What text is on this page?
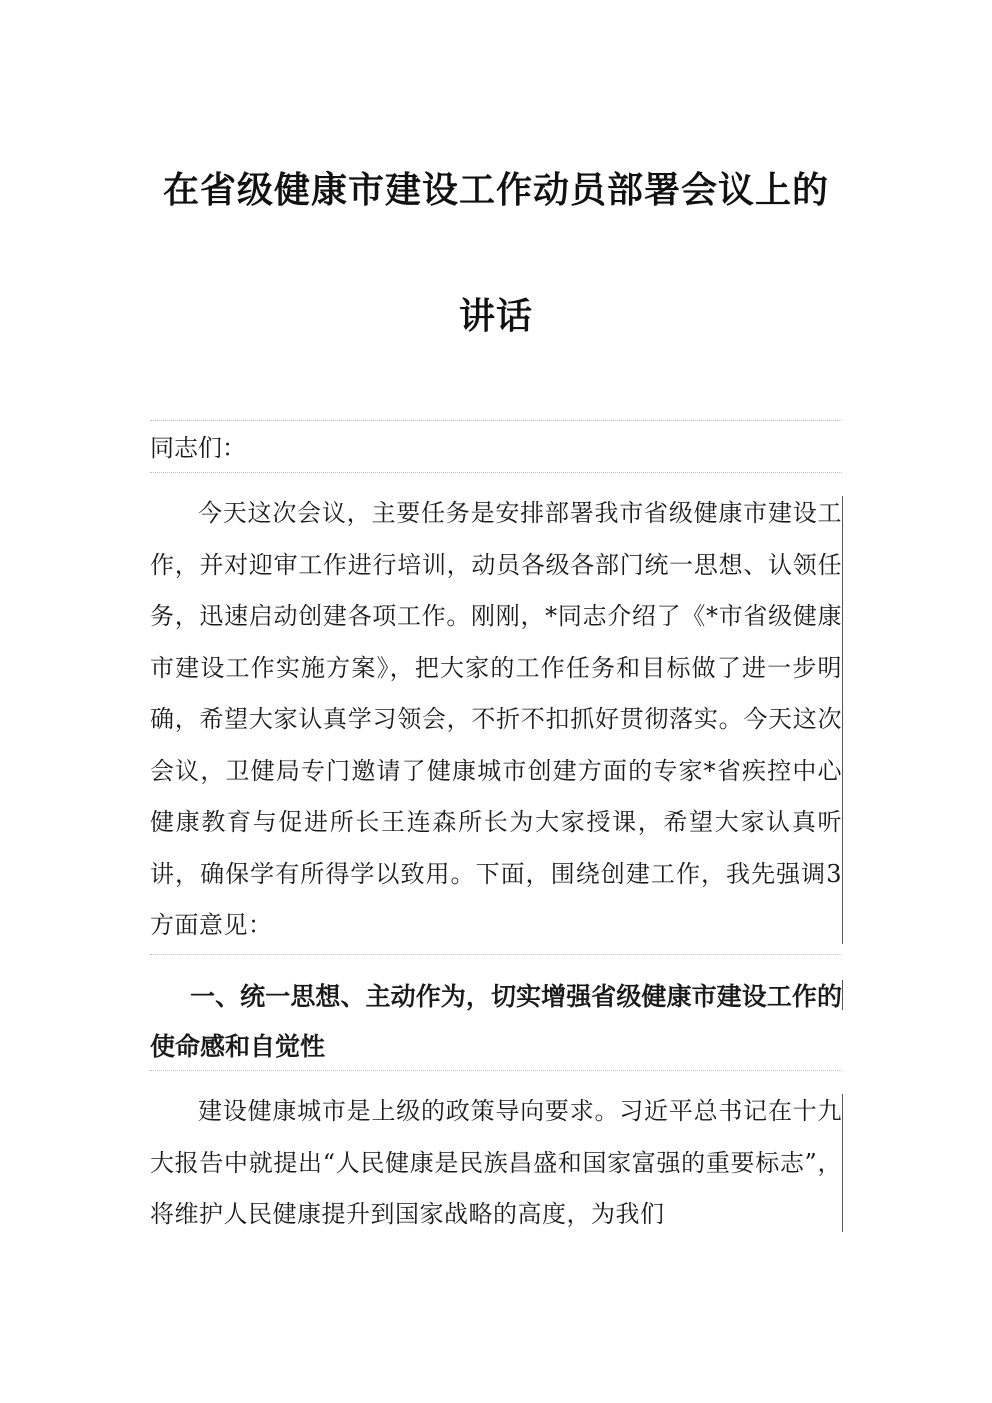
在省级健康市建设工作动员部署会议上的
讲话
同志们：
今天这次会议，主要任务是安排部署我市省级健康市建设工作，并对迎审工作进行培训，动员各级各部门统一思想、认领任务，迅速启动创建各项工作。刚刚，*同志介绍了《*市省级健康市建设工作实施方案》，把大家的工作任务和目标做了进一步明确，希望大家认真学习领会，不折不扣抓好贯彻落实。今天这次会议，卫健局专门邀请了健康城市创建方面的专家*省疾控中心健康教育与促进所长王连森所长为大家授课，希望大家认真听讲，确保学有所得学以致用。下面，围绕创建工作，我先强调3方面意见：
一、统一思想、主动作为，切实增强省级健康市建设工作的使命感和自觉性
建设健康城市是上级的政策导向要求。习近平总书记在十九大报告中就提出“人民健康是民族昌盛和国家富强的重要标志”，将维护人民健康提升到国家战略的高度，为我们
